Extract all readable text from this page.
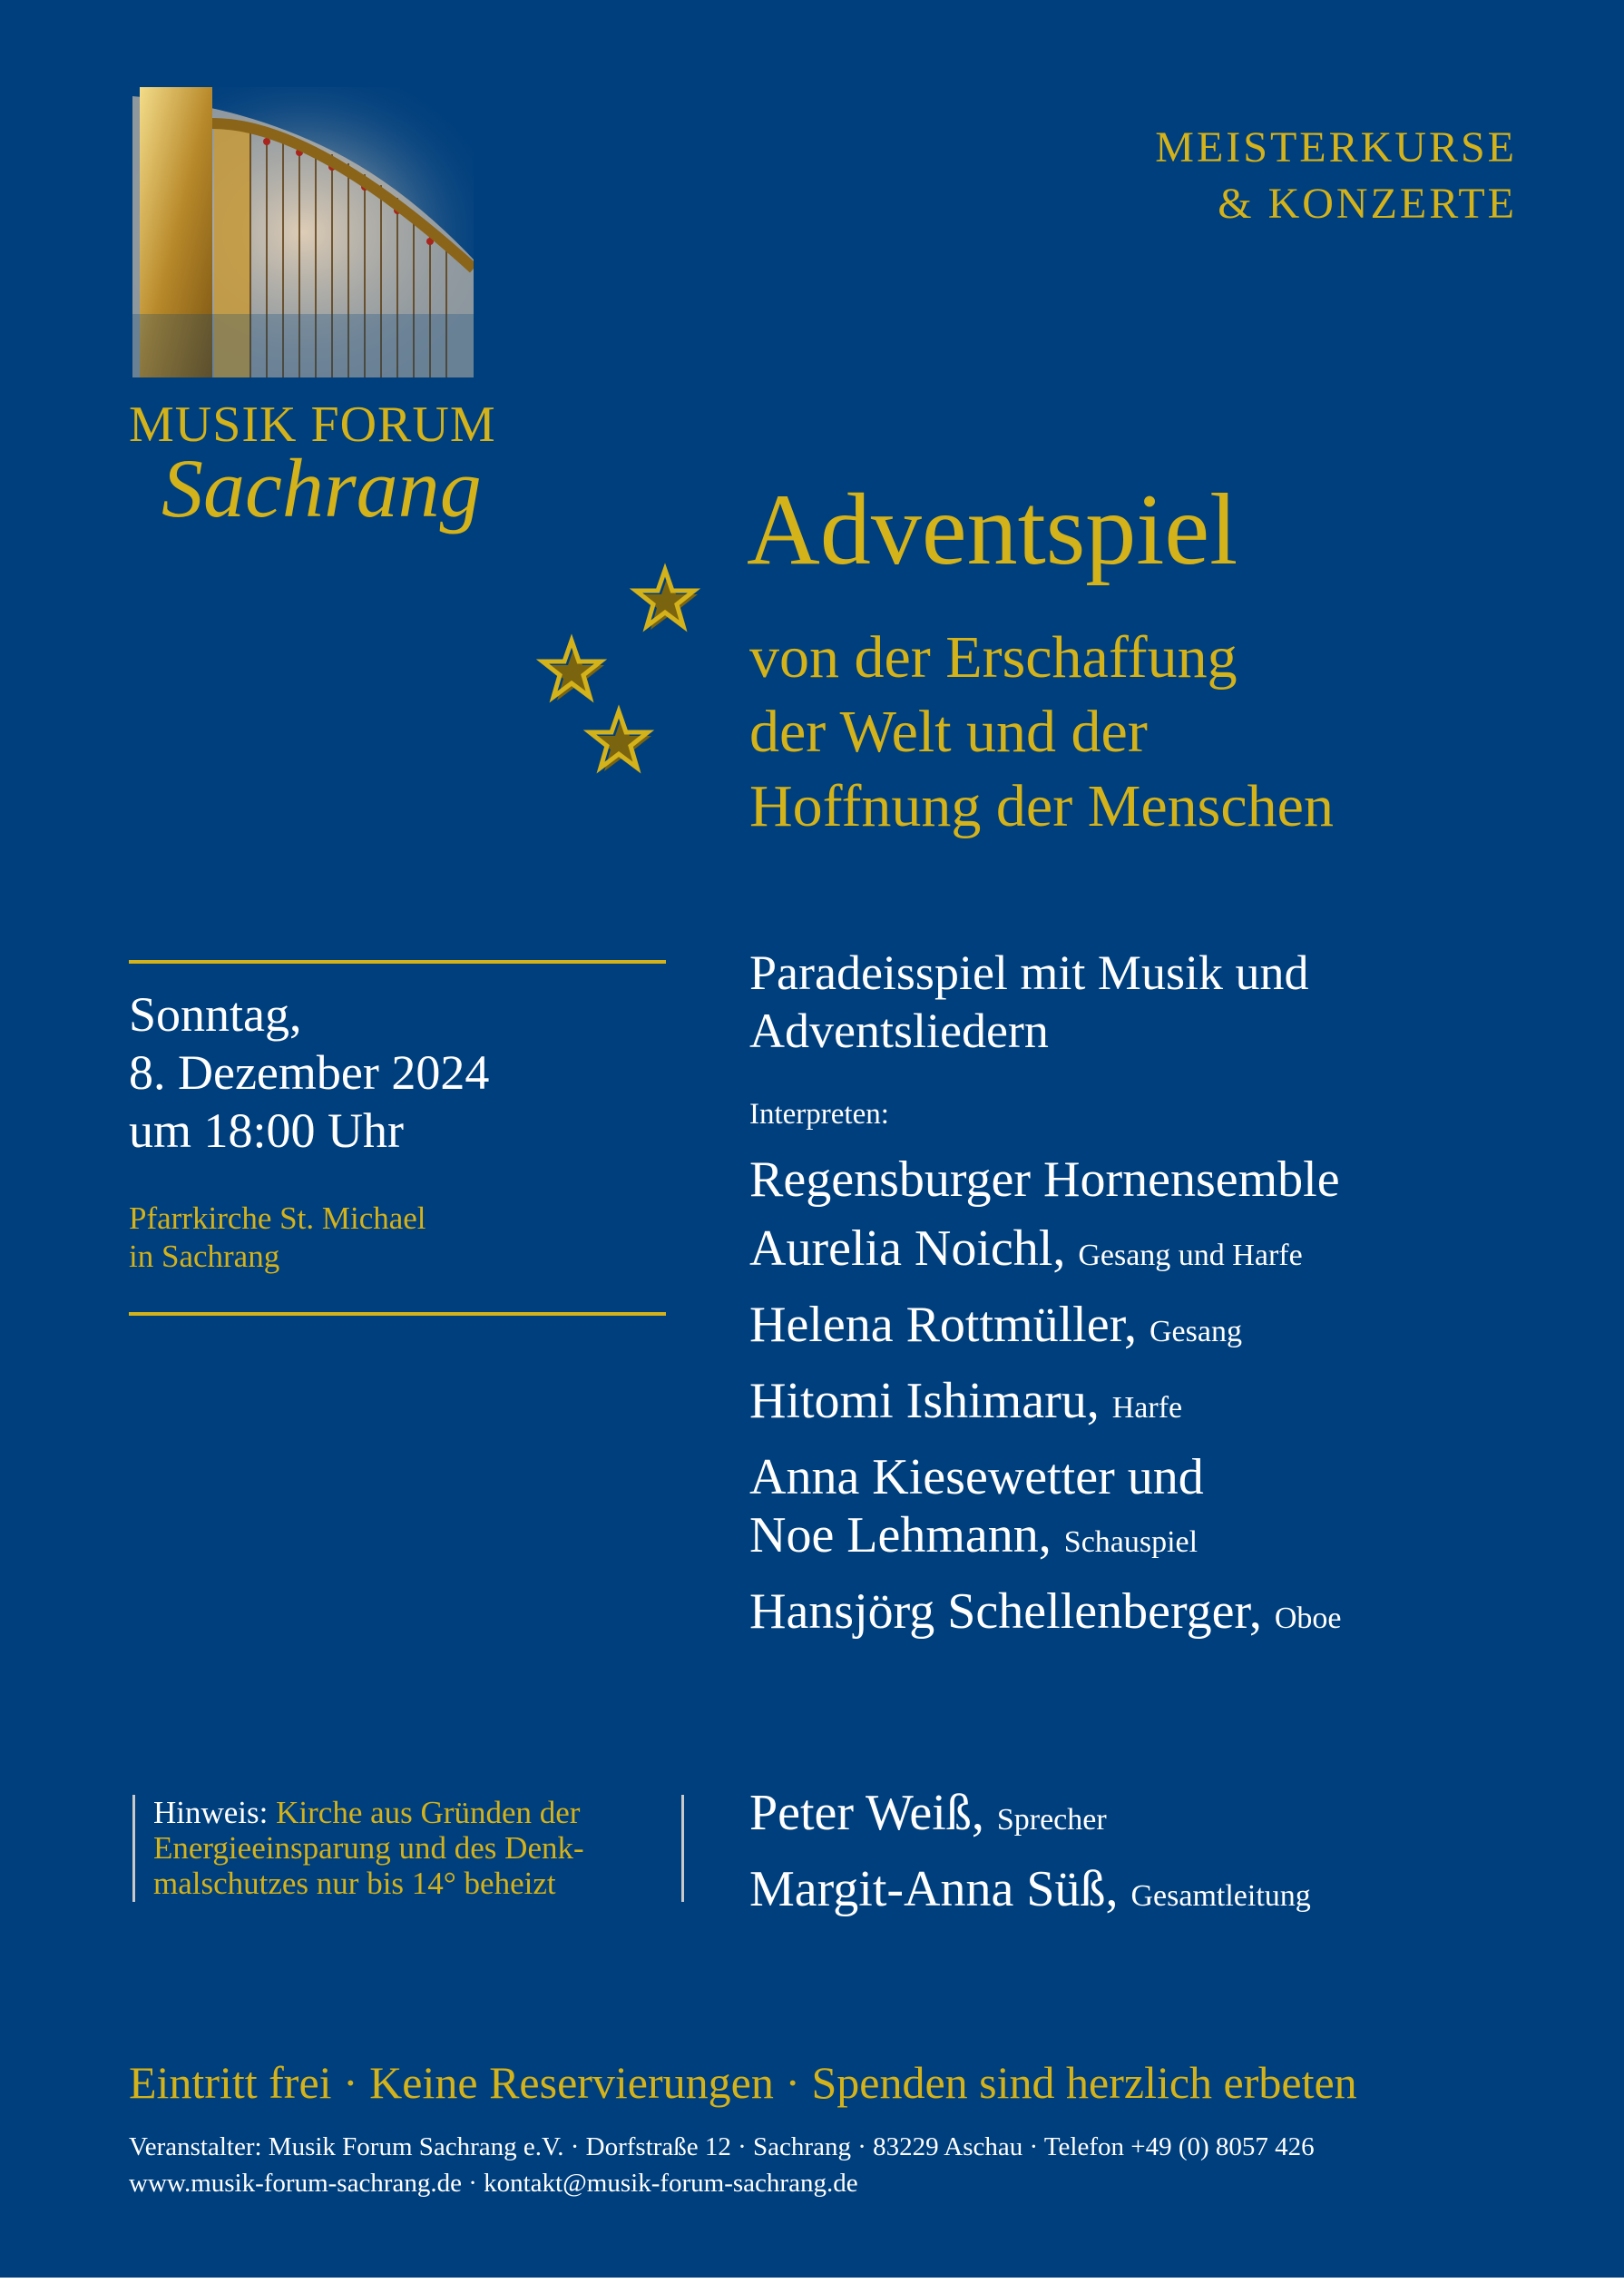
MUSIK FORUM
Sachrang
MEISTERKURSE
& KONZERTE
Adventspiel
von der Erschaffung
der Welt und der
Hoffnung der Menschen
Sonntag,
8. Dezember 2024
um 18:00 Uhr
Pfarrkirche St. Michael
in Sachrang
Paradeisspiel mit Musik und
Adventsliedern
Interpreten:
Regensburger Hornensemble
Aurelia Noichl, Gesang und Harfe
Helena Rottmüller, Gesang
Hitomi Ishimaru, Harfe
Anna Kiesewetter und
Noe Lehmann, Schauspiel
Hansjörg Schellenberger, Oboe
Hinweis: Kirche aus Gründen der
Energieeinsparung und des Denk-
malschutzes nur bis 14° beheizt
Peter Weiß, Sprecher
Margit-Anna Süß, Gesamtleitung
Eintritt frei · Keine Reservierungen · Spenden sind herzlich erbeten
Veranstalter: Musik Forum Sachrang e.V. · Dorfstraße 12 · Sachrang · 83229 Aschau · Telefon +49 (0) 8057 426
www.musik-forum-sachrang.de · kontakt@musik-forum-sachrang.de
